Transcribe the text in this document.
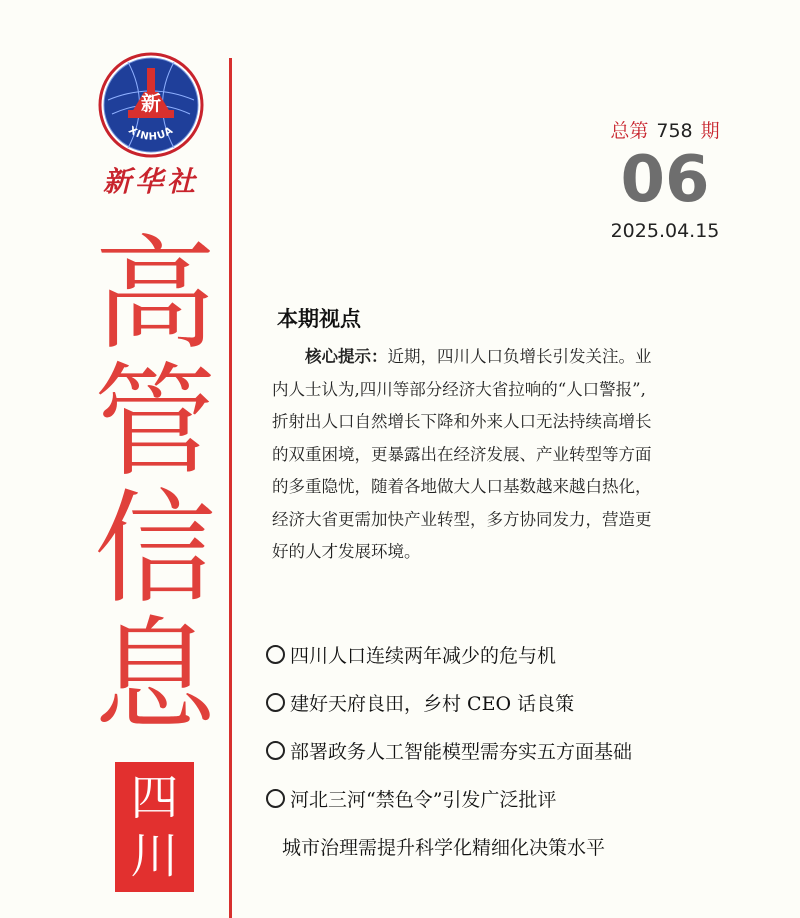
新
XINHUA
新华社
高
管
信
息
四
川
总第 758 期
06
2025.04.15
本期视点
核心提示：近期，四川人口负增长引发关注。业
内人士认为,四川等部分经济大省拉响的“人口警报”,
折射出人口自然增长下降和外来人口无法持续高增长
的双重困境，更暴露出在经济发展、产业转型等方面
的多重隐忧，随着各地做大人口基数越来越白热化，
经济大省更需加快产业转型，多方协同发力，营造更
好的人才发展环境。
四川人口连续两年减少的危与机
建好天府良田，乡村 CEO 话良策
部署政务人工智能模型需夯实五方面基础
河北三河“禁色令”引发广泛批评
城市治理需提升科学化精细化决策水平
